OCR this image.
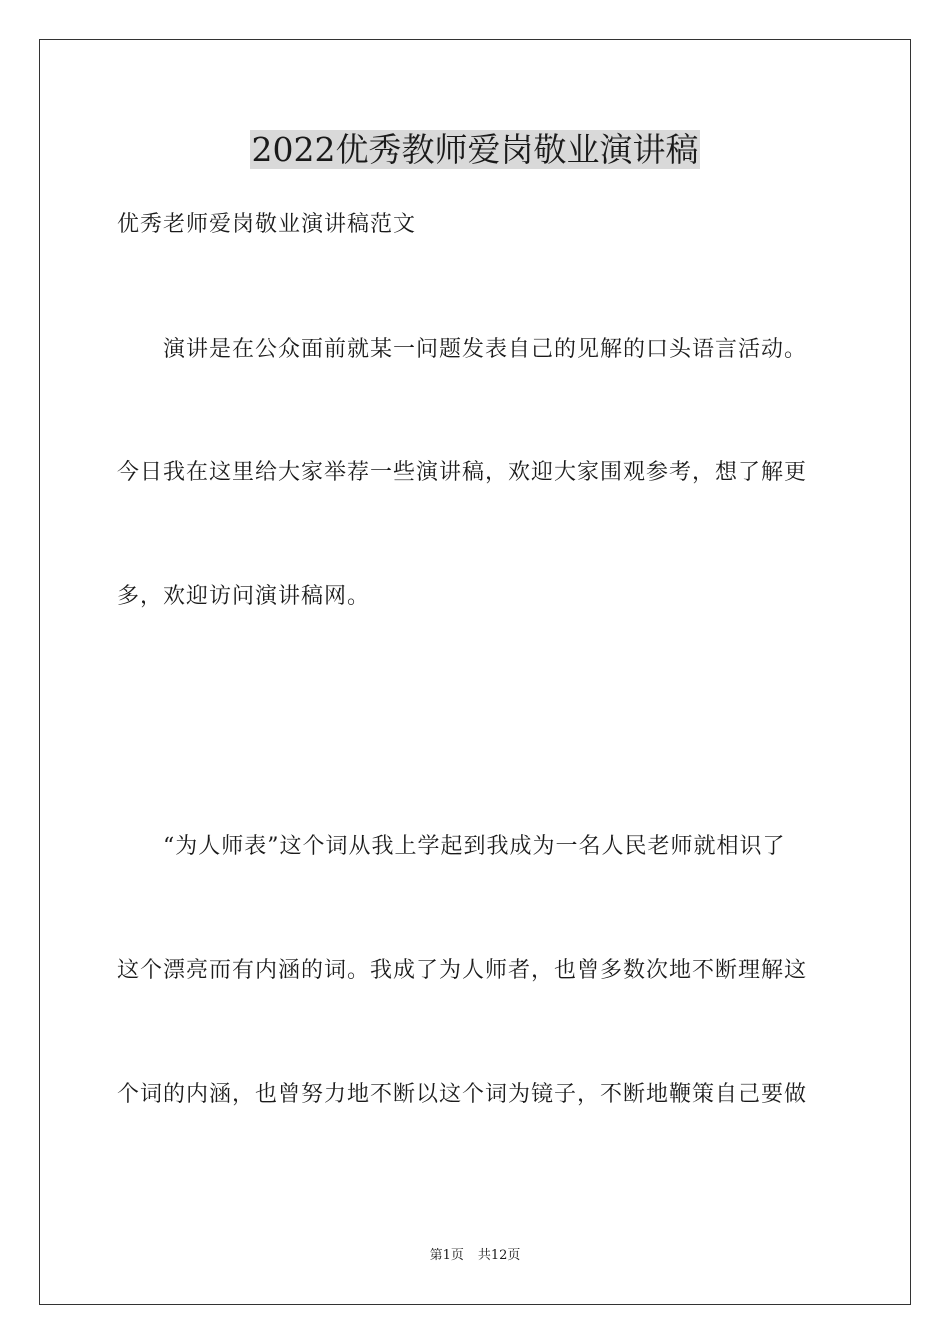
2022优秀教师爱岗敬业演讲稿
优秀老师爱岗敬业演讲稿范文
　　演讲是在公众面前就某一问题发表自己的见解的口头语言活动。
今日我在这里给大家举荐一些演讲稿，欢迎大家围观参考，想了解更
多，欢迎访问演讲稿网。
　　“为人师表”这个词从我上学起到我成为一名人民老师就相识了
这个漂亮而有内涵的词。我成了为人师者，也曾多数次地不断理解这
个词的内涵，也曾努力地不断以这个词为镜子，不断地鞭策自己要做
第1页 共12页
